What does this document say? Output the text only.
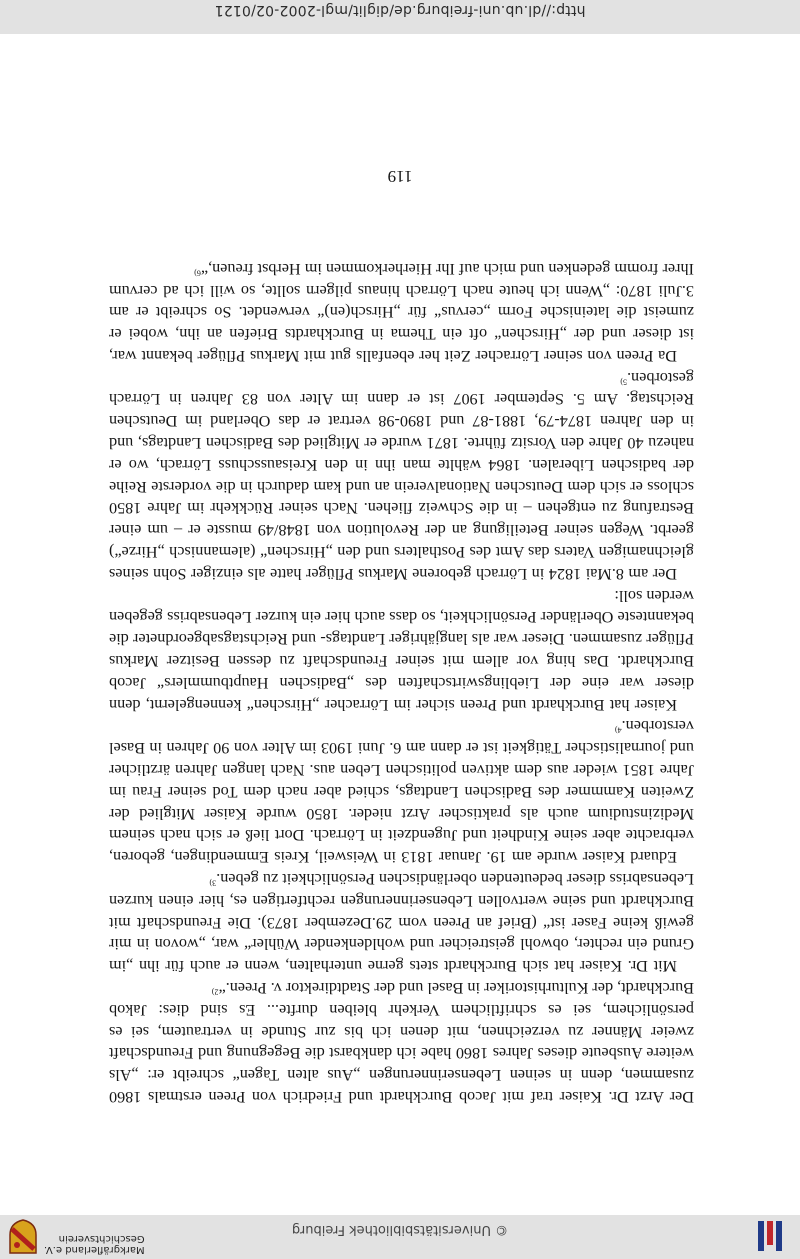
© Universitätsbibliothek Freiburg
Markgräflerland e.V.
Geschichtsverein
http://dl.ub.uni-freiburg.de/diglit/mgl-2002-02/0121

Der Arzt Dr. Kaiser traf mit Jacob Burckhardt und Friedrich von Preen erstmals 1860 zusammen, denn in seinen Lebenserinnerungen „Aus alten Tagen“ schreibt er: „Als weitere Ausbeute dieses Jahres 1860 habe ich dankbarst die Begegnung und Freundschaft zweier Männer zu verzeichnen, mit denen ich bis zur Stunde in vertrautem, sei es persönlichem, sei es schriftlichem Verkehr bleiben durfte... Es sind dies: Jakob Burckhardt, der Kulturhistoriker in Basel und der Stadtdirektor v. Preen.“$^{2)}$

Mit Dr. Kaiser hat sich Burckhardt stets gerne unterhalten, wenn er auch für ihn „im Grund ein rechter, obwohl geistreicher und wohldenkender Wühler“ war, „wovon in mir gewiß keine Faser ist“ (Brief an Preen vom 29.Dezember 1873). Die Freundschaft mit Burckhardt und seine wertvollen Lebenserinnerungen rechtfertigen es, hier einen kurzen Lebensabriss dieser bedeutenden oberländischen Persönlichkeit zu geben.$^{3)}$

Eduard Kaiser wurde am 19. Januar 1813 in Weisweil, Kreis Emmendingen, geboren, verbrachte aber seine Kindheit und Jugendzeit in Lörrach. Dort ließ er sich nach seinem Medizinstudium auch als praktischer Arzt nieder. 1850 wurde Kaiser Mitglied der Zweiten Kammmer des Badischen Landtags, schied aber nach dem Tod seiner Frau im Jahre 1851 wieder aus dem aktiven politischen Leben aus. Nach langen Jahren ärztlicher und journalistischer Tätigkeit ist er dann am 6. Juni 1903 im Alter von 90 Jahren in Basel verstorben.$^{4)}$

Kaiser hat Burckhardt und Preen sicher im Lörracher „Hirschen“ kennengelernt, denn dieser war eine der Lieblingswirtschaften des „Badischen Hauptbummlers“ Jacob Burckhardt. Das hing vor allem mit seiner Freundschaft zu dessen Besitzer Markus Pflüger zusammen. Dieser war als langjähriger Landtags- und Reichstagsabgeordneter die bekannteste Oberländer Persönlichkeit, so dass auch hier ein kurzer Lebensabriss gegeben werden soll:

Der am 8.Mai 1824 in Lörrach geborene Markus Pflüger hatte als einziger Sohn seines gleichnamigen Vaters das Amt des Posthalters und den „Hirschen“ (alemannisch „Hirze“) geerbt. Wegen seiner Beteiligung an der Revolution von 1848/49 musste er – um einer Bestrafung zu entgehen – in die Schweiz fliehen. Nach seiner Rückkehr im Jahre 1850 schloss er sich dem Deutschen Nationalverein an und kam dadurch in die vorderste Reihe der badischen Liberalen. 1864 wählte man ihn in den Kreisausschuss Lörrach, wo er nahezu 40 Jahre den Vorsitz führte. 1871 wurde er Mitglied des Badischen Landtags, und in den Jahren 1874-79, 1881-87 und 1890-98 vertrat er das Oberland im Deutschen Reichstag. Am 5. September 1907 ist er dann im Alter von 83 Jahren in Lörrach gestorben.$^{5)}$

Da Preen von seiner Lörracher Zeit her ebenfalls gut mit Markus Pflüger bekannt war, ist dieser und der „Hirschen“ oft ein Thema in Burckhardts Briefen an ihn, wobei er zumeist die lateinische Form „cervus“ für „Hirsch(en)“ verwendet. So schreibt er am 3.Juli 1870: „Wenn ich heute nach Lörrach hinaus pilgern sollte, so will ich ad cervum Ihrer fromm gedenken und mich auf Ihr Hierherkommen im Herbst freuen,“$^{6)}$

119
